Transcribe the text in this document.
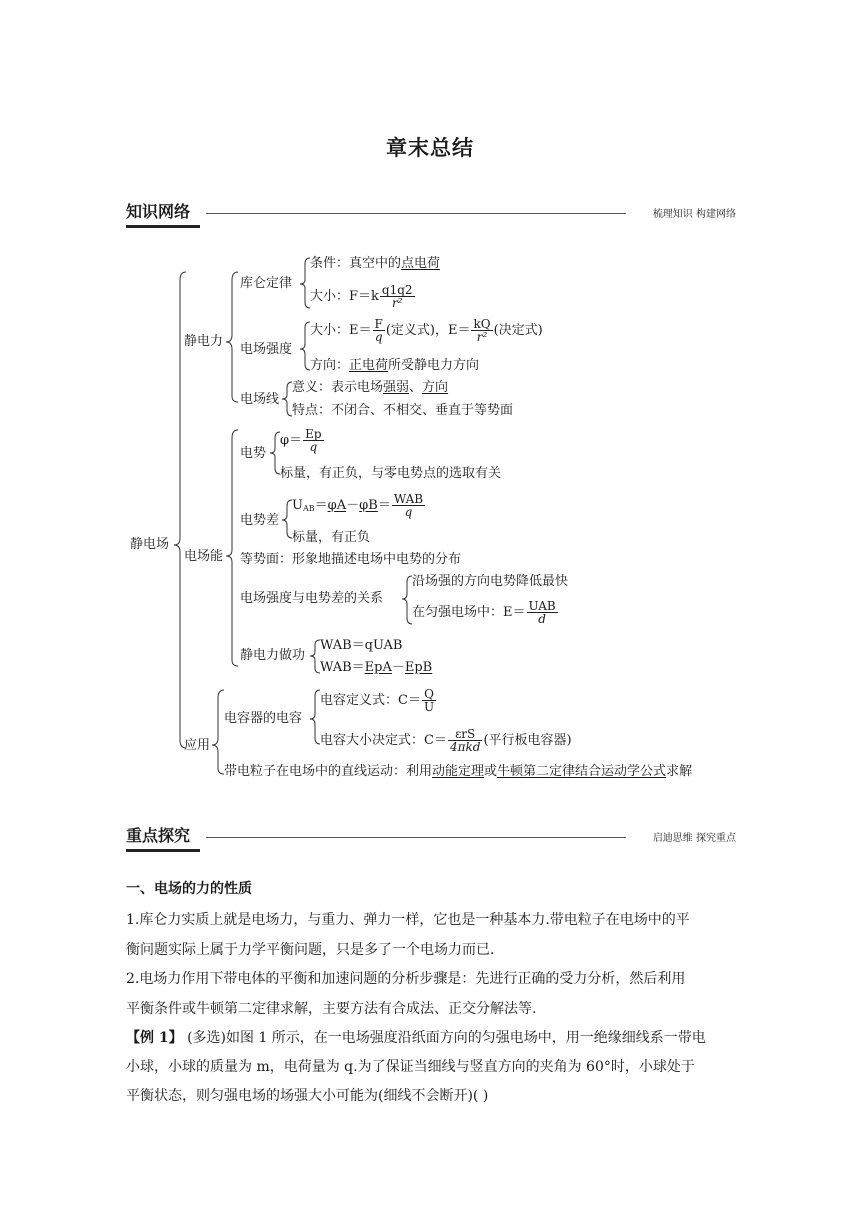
章末总结
知识网络	梳理知识 构建网络
静电场
静电力
库仑定律
条件：真空中的点电荷
大小：$F=k \frac{q1q2}{\text{r²}}$
电场强度
大小：$E= \frac{F}{q}$ (定义式)，$E= \frac{kQ}{\text{r²}}$ (决定式)
方向：正电荷所受静电力方向
电场线
意义：表示电场强弱、方向
特点：不闭合、不相交、垂直于等势面
电场能
电势
$\varphi= \frac{Ep}{q}$
标量，有正负，与零电势点的选取有关
电势差
$U_{AB}=\varphi A-\varphi B= \frac{\text{WAB}}{q}$
标量，有正负
等势面：形象地描述电场中电势的分布
电场强度与电势差的关系
沿场强的方向电势降低最快
在匀强电场中：$E= \frac{\text{UAB}}{d}$
静电力做功
WAB＝qUAB
WAB＝EpA－EpB
应用
电容器的电容
电容定义式：$C= \frac{Q}{U}$
电容大小决定式：$C= \frac{\text{εrS}}{\text{4πkd}}$ (平行板电容器)
带电粒子在电场中的直线运动：利用动能定理或牛顿第二定律结合运动学公式求解
重点探究	启迪思维 探究重点
一、电场的力的性质
1.库仑力实质上就是电场力，与重力、弹力一样，它也是一种基本力.带电粒子在电场中的平
衡问题实际上属于力学平衡问题，只是多了一个电场力而已.
2.电场力作用下带电体的平衡和加速问题的分析步骤是：先进行正确的受力分析，然后利用
平衡条件或牛顿第二定律求解，主要方法有合成法、正交分解法等.
【例 1】 (多选)如图 1 所示，在一电场强度沿纸面方向的匀强电场中，用一绝缘细线系一带电
小球，小球的质量为 m，电荷量为 q.为了保证当细线与竖直方向的夹角为 60°时，小球处于
平衡状态，则匀强电场的场强大小可能为(细线不会断开)( )
